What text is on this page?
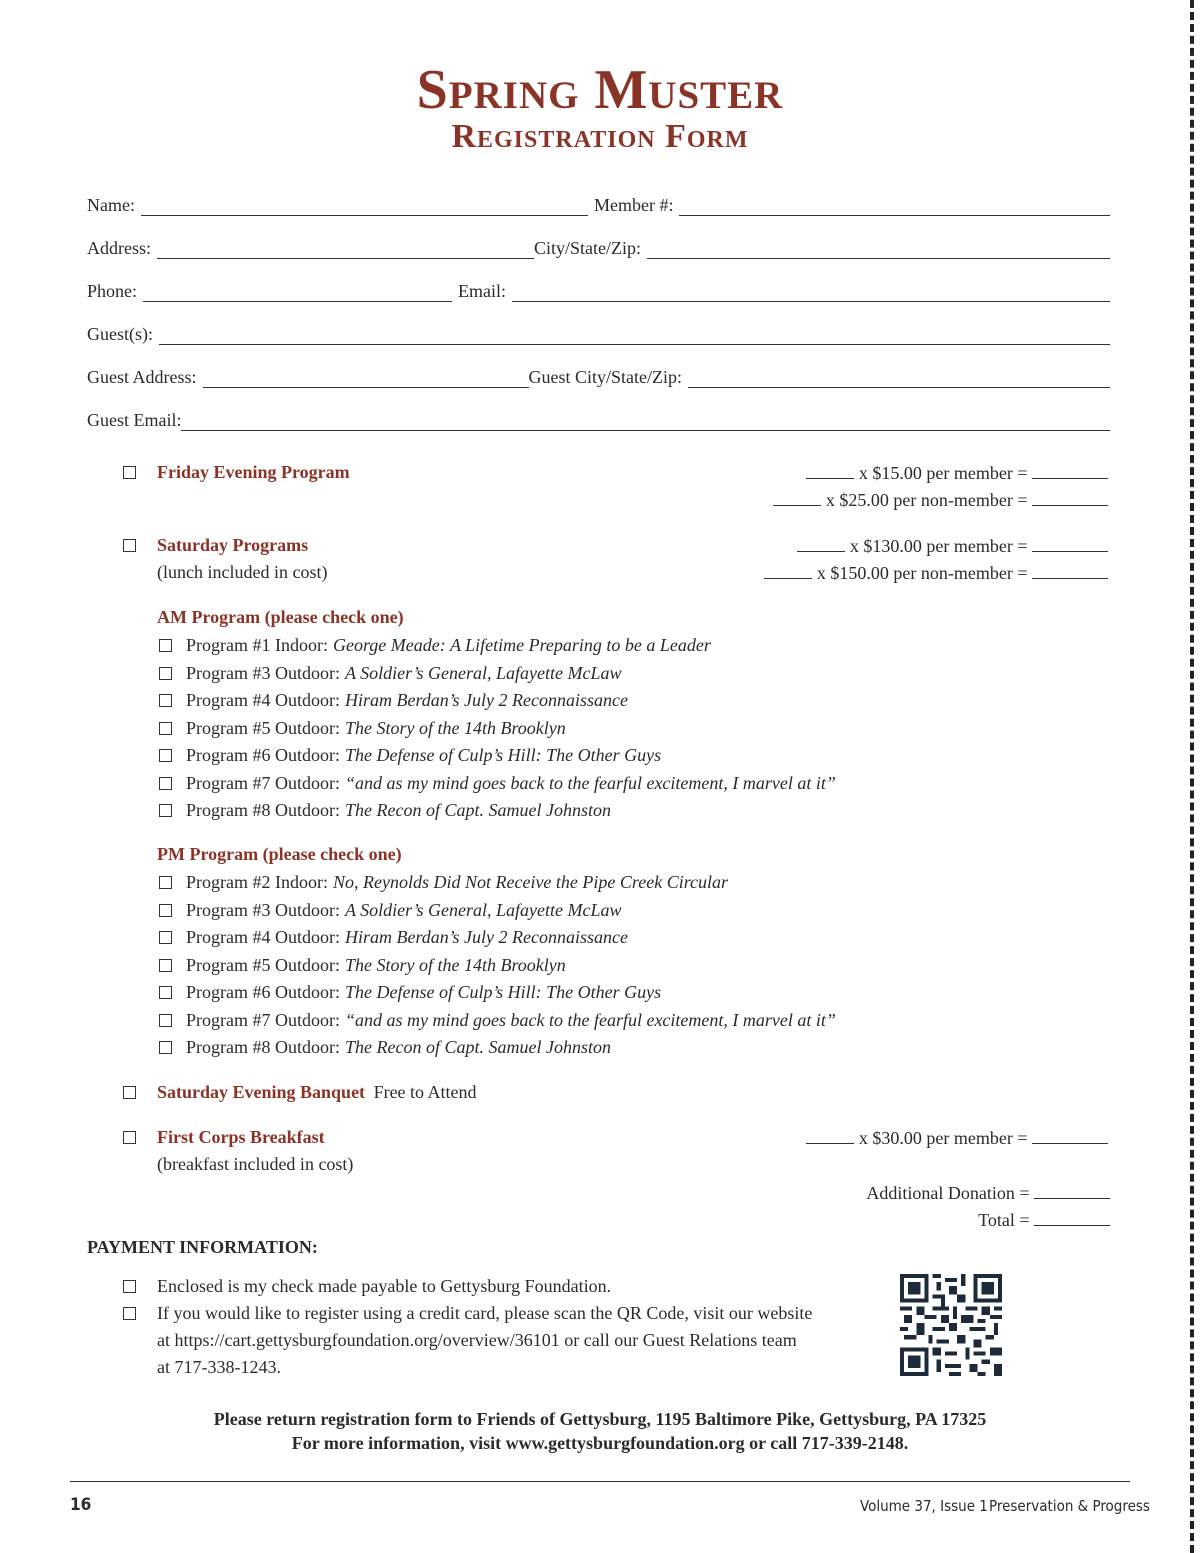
Spring Muster
Registration Form
Name:	Member #:
Address:	City/State/Zip:
Phone:	Email:
Guest(s):
Guest Address:	Guest City/State/Zip:
Guest Email:
Friday Evening Program	x $15.00 per member =
x $25.00 per non-member =
Saturday Programs
(lunch included in cost)
x $130.00 per member =
x $150.00 per non-member =
AM Program (please check one)
Program #1 Indoor: George Meade: A Lifetime Preparing to be a Leader
Program #3 Outdoor: A Soldier’s General, Lafayette McLaw
Program #4 Outdoor: Hiram Berdan’s July 2 Reconnaissance
Program #5 Outdoor: The Story of the 14th Brooklyn
Program #6 Outdoor: The Defense of Culp’s Hill: The Other Guys
Program #7 Outdoor: “and as my mind goes back to the fearful excitement, I marvel at it”
Program #8 Outdoor: The Recon of Capt. Samuel Johnston
PM Program (please check one)
Program #2 Indoor: No, Reynolds Did Not Receive the Pipe Creek Circular
Program #3 Outdoor: A Soldier’s General, Lafayette McLaw
Program #4 Outdoor: Hiram Berdan’s July 2 Reconnaissance
Program #5 Outdoor: The Story of the 14th Brooklyn
Program #6 Outdoor: The Defense of Culp’s Hill: The Other Guys
Program #7 Outdoor: “and as my mind goes back to the fearful excitement, I marvel at it”
Program #8 Outdoor: The Recon of Capt. Samuel Johnston
Saturday Evening Banquet Free to Attend
First Corps Breakfast
(breakfast included in cost)
x $30.00 per member =
Additional Donation =
Total =
PAYMENT INFORMATION:
Enclosed is my check made payable to Gettysburg Foundation.
If you would like to register using a credit card, please scan the QR Code, visit our website
at https://cart.gettysburgfoundation.org/overview/36101 or call our Guest Relations team
at 717-338-1243.
Please return registration form to Friends of Gettysburg, 1195 Baltimore Pike, Gettysburg, PA 17325
For more information, visit www.gettysburgfoundation.org or call 717-339-2148.
16	Volume 37, Issue 1 Preservation & Progress
